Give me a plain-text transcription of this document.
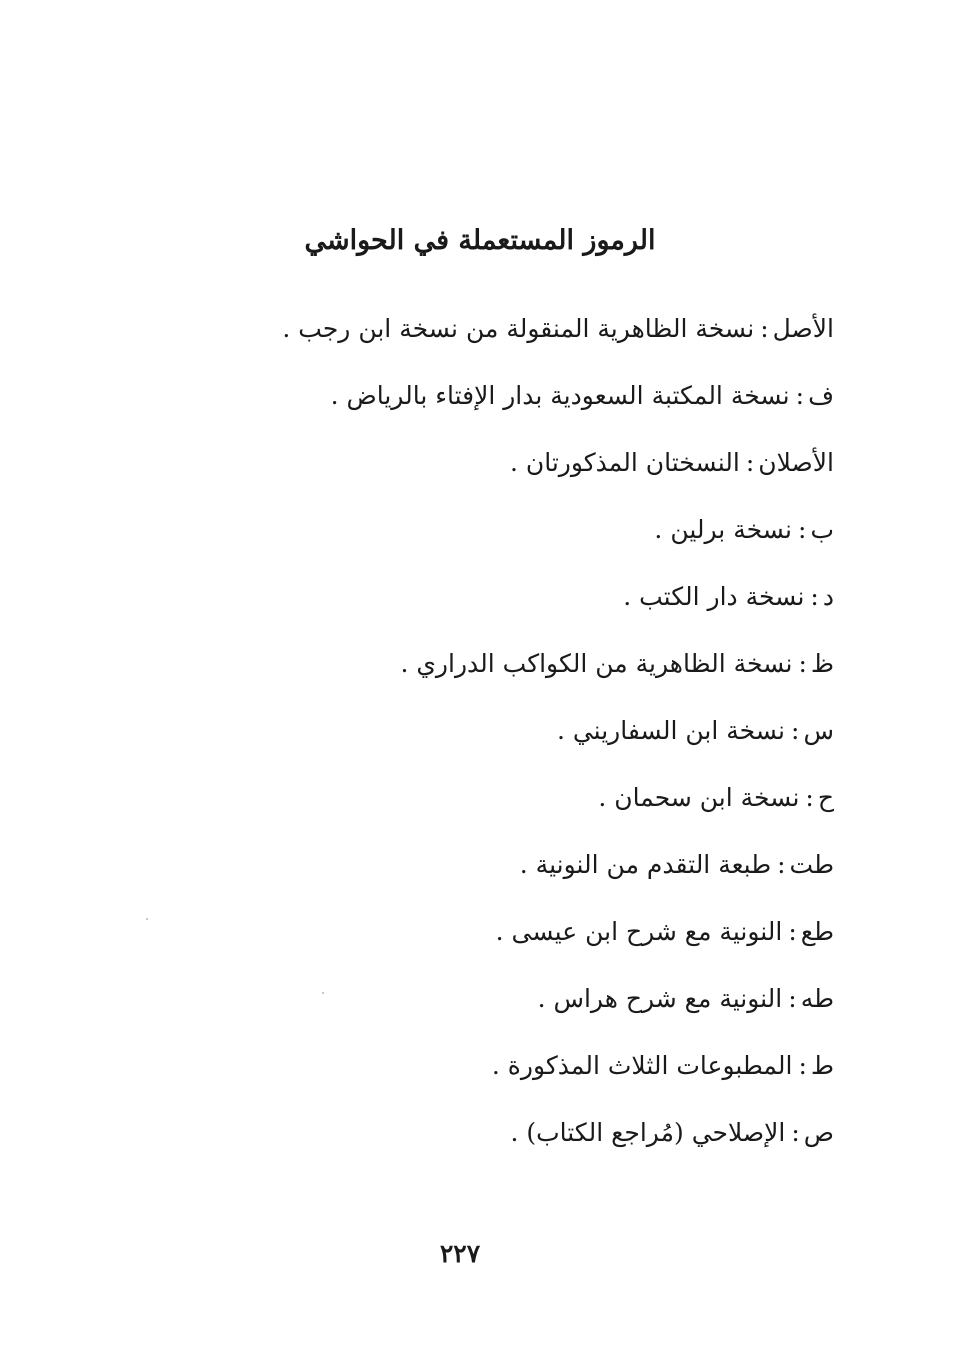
الرموز المستعملة في الحواشي
الأصل:نسخة الظاهرية المنقولة من نسخة ابن رجب .
ف:نسخة المكتبة السعودية بدار الإفتاء بالرياض .
الأصلان:النسختان المذكورتان .
ب:نسخة برلين .
د:نسخة دار الكتب .
ظ:نسخة الظاهرية من الكواكب الدراري .
س:نسخة ابن السفاريني .
ح:نسخة ابن سحمان .
طت:طبعة التقدم من النونية .
طع:النونية مع شرح ابن عيسى .
طه:النونية مع شرح هراس .
ط:المطبوعات الثلاث المذكورة .
ص:الإصلاحي (مُراجع الكتاب) .
٢٢٧
